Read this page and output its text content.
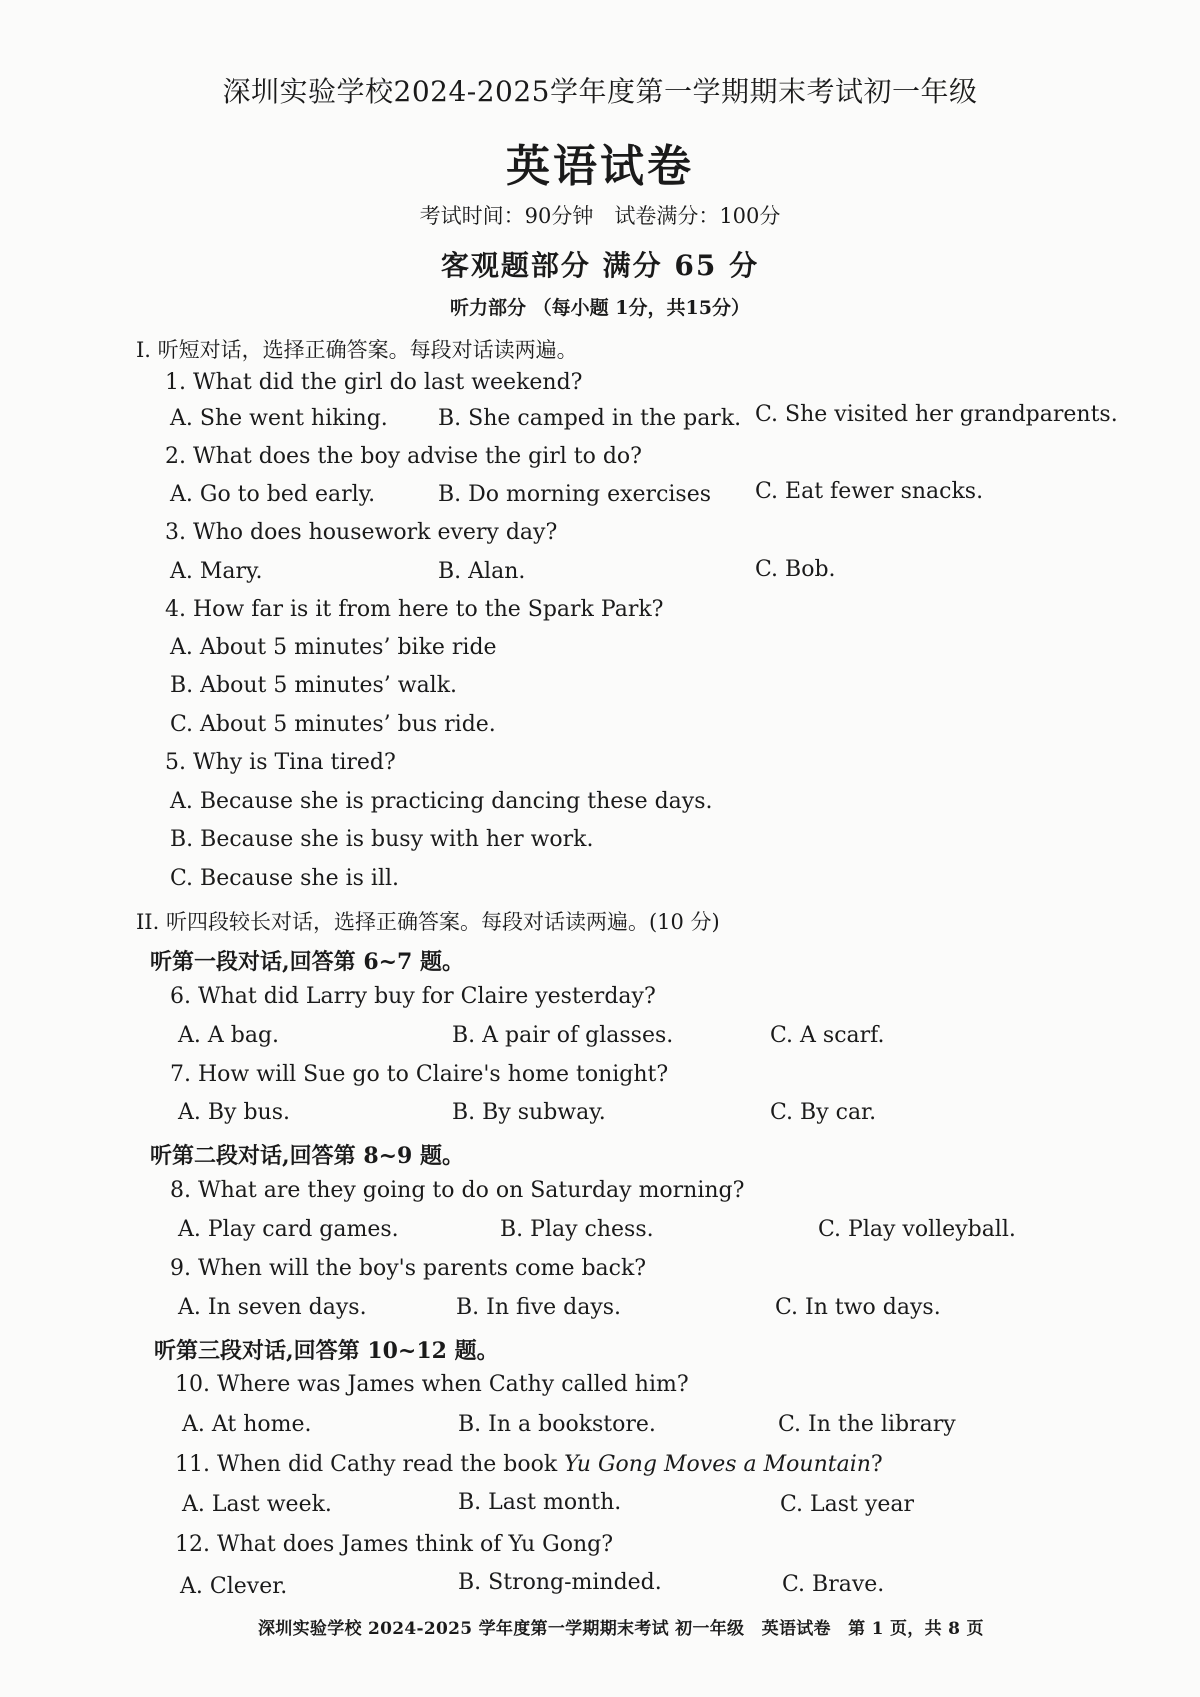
深圳实验学校2024-2025学年度第一学期期末考试初一年级
英语试卷
考试时间：90分钟　试卷满分：100分
客观题部分 满分 65 分
听力部分 （每小题 1分，共15分）
I. 听短对话，选择正确答案。每段对话读两遍。
1. What did the girl do last weekend?
A. She went hiking. B. She camped in the park. C. She visited her grandparents.
2. What does the boy advise the girl to do?
A. Go to bed early.	B. Do morning exercises C. Eat fewer snacks.
3. Who does housework every day?
A. Mary.	B. Alan.	C. Bob.
4. How far is it from here to the Spark Park?
A. About 5 minutes’ bike ride
B. About 5 minutes’ walk.
C. About 5 minutes’ bus ride.
5. Why is Tina tired?
A. Because she is practicing dancing these days.
B. Because she is busy with her work.
C. Because she is ill.
II. 听四段较长对话，选择正确答案。每段对话读两遍。(10 分)
听第一段对话,回答第 6~7 题。
6. What did Larry buy for Claire yesterday?
A. A bag.	B. A pair of glasses.	C. A scarf.
7. How will Sue go to Claire's home tonight?
A. By bus.	B. By subway.	C. By car.
听第二段对话,回答第 8~9 题。
8. What are they going to do on Saturday morning?
A. Play card games.	B. Play chess.	C. Play volleyball.
9. When will the boy's parents come back?
A. In seven days.	B. In five days.	C. In two days.
听第三段对话,回答第 10~12 题。
10. Where was James when Cathy called him?
A. At home.	B. In a bookstore.	C. In the library
11. When did Cathy read the book Yu Gong Moves a Mountain?
A. Last week.	B. Last month.	C. Last year
12. What does James think of Yu Gong?
A. Clever.	B. Strong-minded.	C. Brave.
深圳实验学校 2024-2025 学年度第一学期期末考试 初一年级　英语试卷　第 1 页，共 8 页
